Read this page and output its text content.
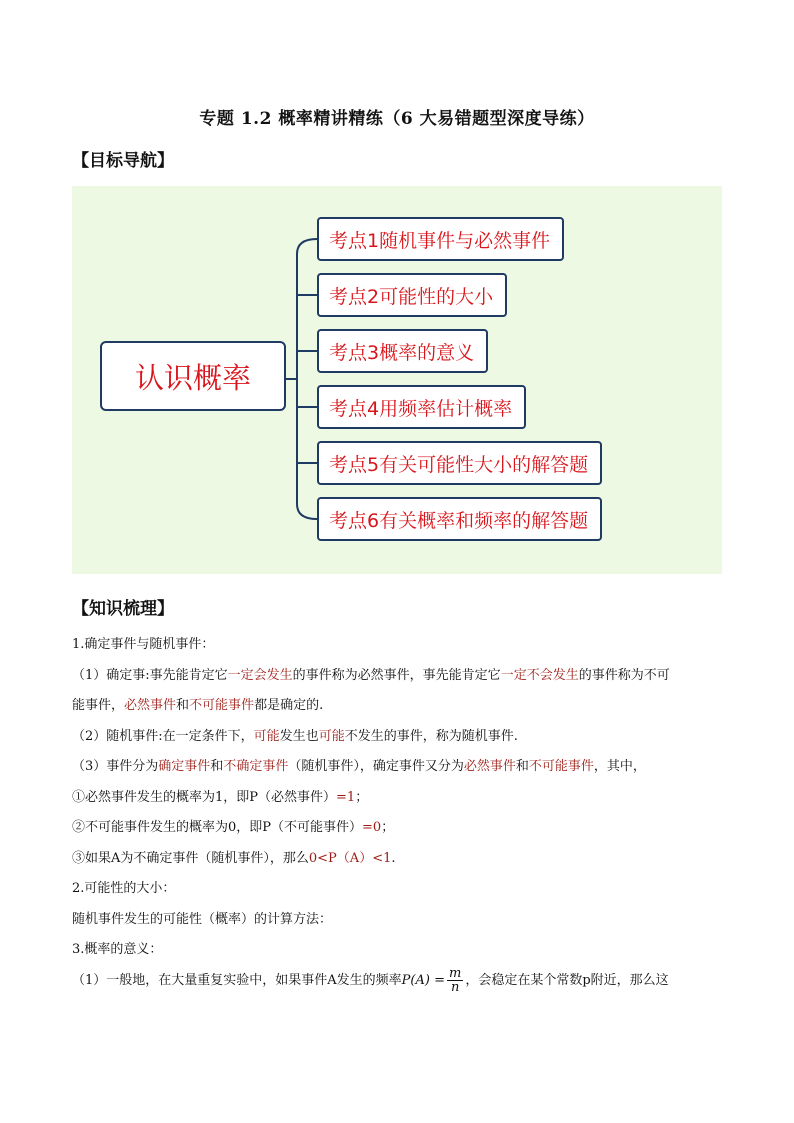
专题 1.2 概率精讲精练（6 大易错题型深度导练）
【目标导航】
认识概率
考点1随机事件与必然事件
考点2可能性的大小
考点3概率的意义
考点4用频率估计概率
考点5有关可能性大小的解答题
考点6有关概率和频率的解答题
【知识梳理】

1.确定事件与随机事件：

（1）确定事:事先能肯定它一定会发生的事件称为必然事件，事先能肯定它一定不会发生的事件称为不可

能事件，必然事件和不可能事件都是确定的.

（2）随机事件:在一定条件下，可能发生也可能不发生的事件，称为随机事件.

（3）事件分为确定事件和不确定事件（随机事件），确定事件又分为必然事件和不可能事件，其中，

①必然事件发生的概率为1，即P（必然事件）=1；

②不可能事件发生的概率为0，即P（不可能事件）=0；

③如果A为不确定事件（随机事件），那么0<P（A）<1.

2.可能性的大小：

随机事件发生的可能性（概率）的计算方法：

3.概率的意义：

（1）一般地，在大量重复实验中，如果事件A发生的频率$P(A) = \frac{m}{n}$ ，会稳定在某个常数p附近，那么这
